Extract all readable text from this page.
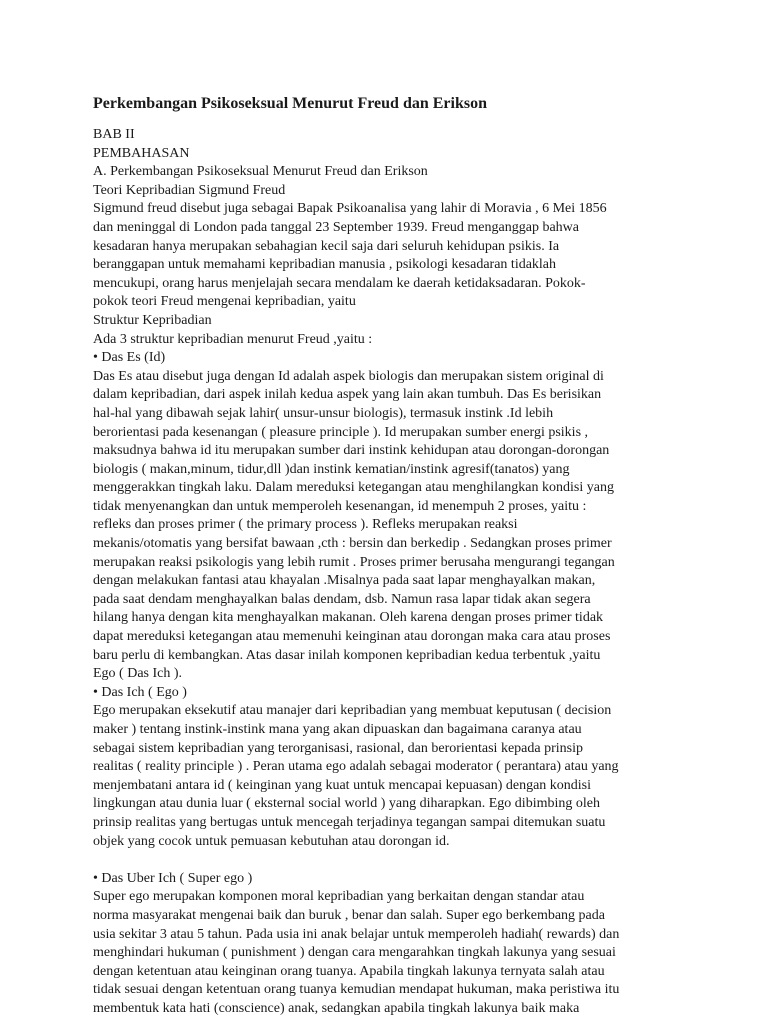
Perkembangan Psikoseksual Menurut Freud dan Erikson
BAB II
PEMBAHASAN
A. Perkembangan Psikoseksual Menurut Freud dan Erikson
Teori Kepribadian Sigmund Freud
Sigmund freud disebut juga sebagai Bapak Psikoanalisa yang lahir di Moravia , 6 Mei 1856
dan meninggal di London pada tanggal 23 September 1939. Freud menganggap bahwa
kesadaran hanya merupakan sebahagian kecil saja dari seluruh kehidupan psikis. Ia
beranggapan untuk memahami kepribadian manusia , psikologi kesadaran tidaklah
mencukupi, orang harus menjelajah secara mendalam ke daerah ketidaksadaran. Pokok-
pokok teori Freud mengenai kepribadian, yaitu
Struktur Kepribadian
Ada 3 struktur kepribadian menurut Freud ,yaitu :
• Das Es (Id)
Das Es atau disebut juga dengan Id adalah aspek biologis dan merupakan sistem original di
dalam kepribadian, dari aspek inilah kedua aspek yang lain akan tumbuh. Das Es berisikan
hal-hal yang dibawah sejak lahir( unsur-unsur biologis), termasuk instink .Id lebih
berorientasi pada kesenangan ( pleasure principle ). Id merupakan sumber energi psikis ,
maksudnya bahwa id itu merupakan sumber dari instink kehidupan atau dorongan-dorongan
biologis ( makan,minum, tidur,dll )dan instink kematian/instink agresif(tanatos) yang
menggerakkan tingkah laku. Dalam mereduksi ketegangan atau menghilangkan kondisi yang
tidak menyenangkan dan untuk memperoleh kesenangan, id menempuh 2 proses, yaitu :
refleks dan proses primer ( the primary process ). Refleks merupakan reaksi
mekanis/otomatis yang bersifat bawaan ,cth : bersin dan berkedip . Sedangkan proses primer
merupakan reaksi psikologis yang lebih rumit . Proses primer berusaha mengurangi tegangan
dengan melakukan fantasi atau khayalan .Misalnya pada saat lapar menghayalkan makan,
pada saat dendam menghayalkan balas dendam, dsb. Namun rasa lapar tidak akan segera
hilang hanya dengan kita menghayalkan makanan. Oleh karena dengan proses primer tidak
dapat mereduksi ketegangan atau memenuhi keinginan atau dorongan maka cara atau proses
baru perlu di kembangkan. Atas dasar inilah komponen kepribadian kedua terbentuk ,yaitu
Ego ( Das Ich ).
• Das Ich ( Ego )
Ego merupakan eksekutif atau manajer dari kepribadian yang membuat keputusan ( decision
maker ) tentang instink-instink mana yang akan dipuaskan dan bagaimana caranya atau
sebagai sistem kepribadian yang terorganisasi, rasional, dan berorientasi kepada prinsip
realitas ( reality principle ) . Peran utama ego adalah sebagai moderator ( perantara) atau yang
menjembatani antara id ( keinginan yang kuat untuk mencapai kepuasan) dengan kondisi
lingkungan atau dunia luar ( eksternal social world ) yang diharapkan. Ego dibimbing oleh
prinsip realitas yang bertugas untuk mencegah terjadinya tegangan sampai ditemukan suatu
objek yang cocok untuk pemuasan kebutuhan atau dorongan id.
• Das Uber Ich ( Super ego )
Super ego merupakan komponen moral kepribadian yang berkaitan dengan standar atau
norma masyarakat mengenai baik dan buruk , benar dan salah. Super ego berkembang pada
usia sekitar 3 atau 5 tahun. Pada usia ini anak belajar untuk memperoleh hadiah( rewards) dan
menghindari hukuman ( punishment ) dengan cara mengarahkan tingkah lakunya yang sesuai
dengan ketentuan atau keinginan orang tuanya. Apabila tingkah lakunya ternyata salah atau
tidak sesuai dengan ketentuan orang tuanya kemudian mendapat hukuman, maka peristiwa itu
membentuk kata hati (conscience) anak, sedangkan apabila tingkah lakunya baik maka
